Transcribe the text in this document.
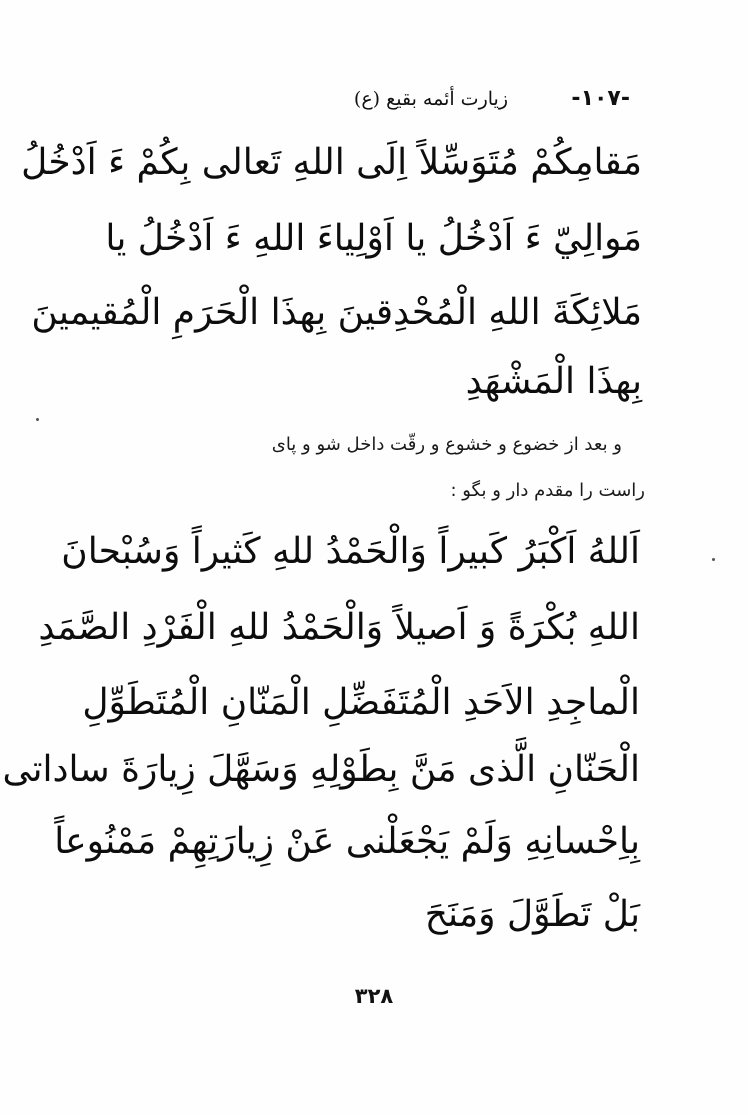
-۱۰۷-
زیارت أئمه بقیع (ع)
مَقامِكُمْ مُتَوَسِّلاً اِلَى اللهِ تَعالى بِكُمْ ءَ اَدْخُلُ
مَوالِيّ ءَ اَدْخُلُ يا اَوْلِياءَ اللهِ ءَ اَدْخُلُ يا
مَلائِكَةَ اللهِ الْمُحْدِقينَ بِهذَا الْحَرَمِ الْمُقيمينَ
بِهذَا الْمَشْهَدِ
و بعد از خضوع و خشوع و رقّت داخل شو و پای
راست را مقدم دار و بگو :
اَللهُ اَكْبَرُ كَبيراً وَالْحَمْدُ للهِ كَثيراً وَسُبْحانَ
اللهِ بُكْرَةً وَ اَصيلاً وَالْحَمْدُ للهِ الْفَرْدِ الصَّمَدِ
الْماجِدِ الاَحَدِ الْمُتَفَضِّلِ الْمَنّانِ الْمُتَطَوِّلِ
الْحَنّانِ الَّذى مَنَّ بِطَوْلِهِ وَسَهَّلَ زِيارَةَ ساداتى
بِاِحْسانِهِ وَلَمْ يَجْعَلْنى عَنْ زِيارَتِهِمْ مَمْنُوعاً
بَلْ تَطَوَّلَ وَمَنَحَ
۳۲۸
